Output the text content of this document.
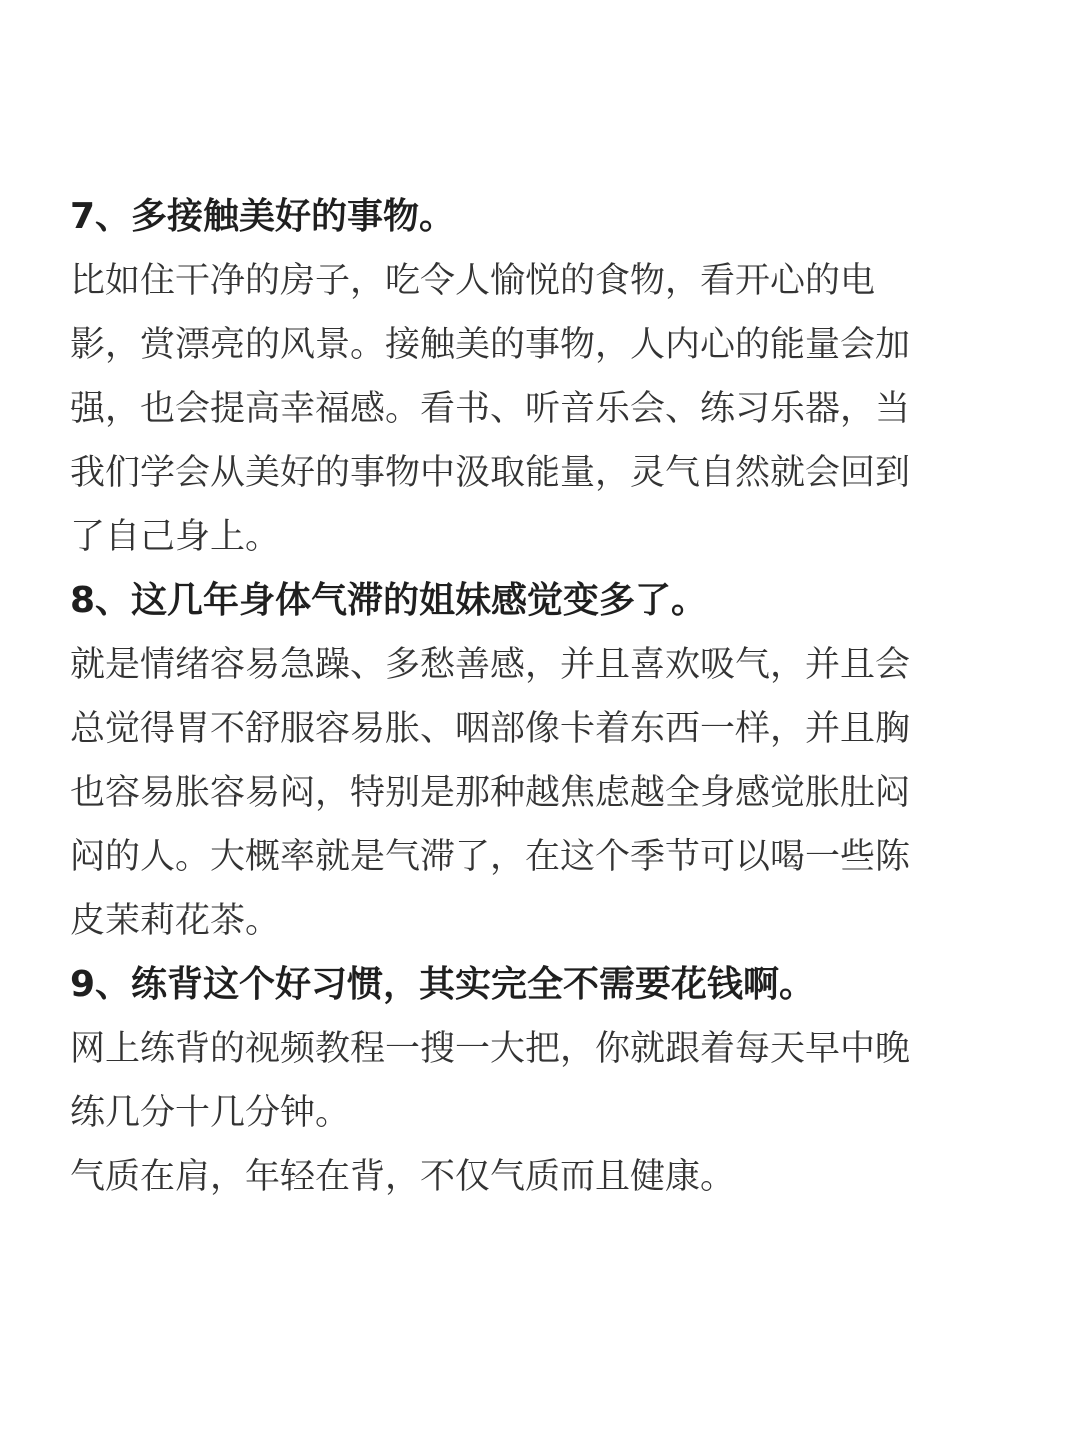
7、多接触美好的事物。

比如住干净的房子，吃令人愉悦的食物，看开心的电
影，赏漂亮的风景。接触美的事物，人内心的能量会加
强，也会提高幸福感。看书、听音乐会、练习乐器，当
我们学会从美好的事物中汲取能量，灵气自然就会回到
了自己身上。

8、这几年身体气滞的姐妹感觉变多了。

就是情绪容易急躁、多愁善感，并且喜欢吸气，并且会
总觉得胃不舒服容易胀、咽部像卡着东西一样，并且胸
也容易胀容易闷，特别是那种越焦虑越全身感觉胀肚闷
闷的人。大概率就是气滞了，在这个季节可以喝一些陈
皮茉莉花茶。

9、练背这个好习惯，其实完全不需要花钱啊。

网上练背的视频教程一搜一大把，你就跟着每天早中晚
练几分十几分钟。

气质在肩，年轻在背，不仅气质而且健康。
